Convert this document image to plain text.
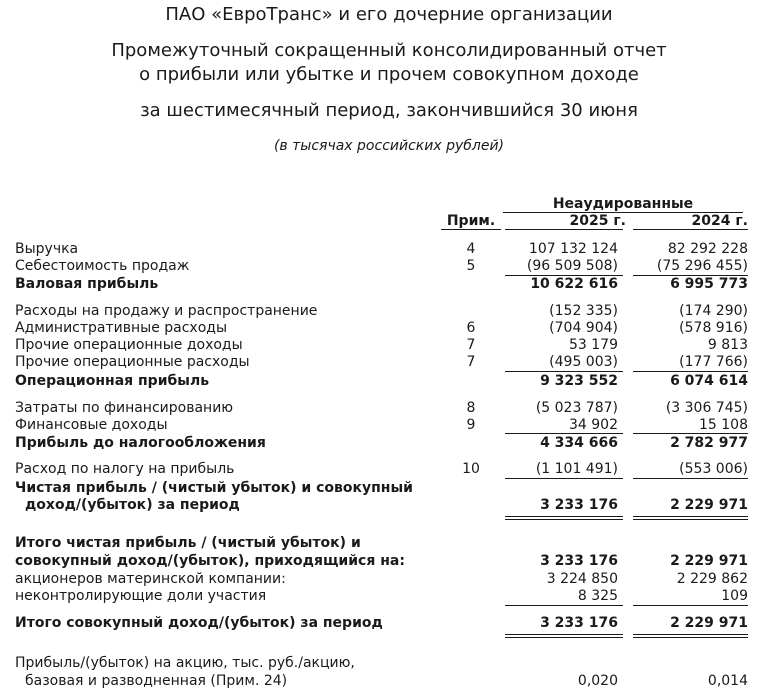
ПАО «ЕвроТранс» и его дочерние организации
Промежуточный сокращенный консолидированный отчет
о прибыли или убытке и прочем совокупном доходе
за шестимесячный период, закончившийся 30 июня
(в тысячах российских рублей)
Неаудированные
Прим.	2025 г.	2024 г.
Выручка	4	107 132 124	82 292 228
Себестоимость продаж	5	(96 509 508)	(75 296 455)
Валовая прибыль	10 622 616	6 995 773
Расходы на продажу и распространение	(152 335)	(174 290)
Административные расходы	6	(704 904)	(578 916)
Прочие операционные доходы	7	53 179	9 813
Прочие операционные расходы	7	(495 003)	(177 766)
Операционная прибыль	9 323 552	6 074 614
Затраты по финансированию	8	(5 023 787)	(3 306 745)
Финансовые доходы	9	34 902	15 108
Прибыль до налогообложения	4 334 666	2 782 977
Расход по налогу на прибыль	10	(1 101 491)	(553 006)
Чистая прибыль / (чистый убыток) и совокупный
доход/(убыток) за период	3 233 176	2 229 971
Итого чистая прибыль / (чистый убыток) и
совокупный доход/(убыток), приходящийся на:	3 233 176	2 229 971
акционеров материнской компании:	3 224 850	2 229 862
неконтролирующие доли участия	8 325	109
Итого совокупный доход/(убыток) за период	3 233 176	2 229 971
Прибыль/(убыток) на акцию, тыс. руб./акцию,
базовая и разводненная (Прим. 24)	0,020	0,014
